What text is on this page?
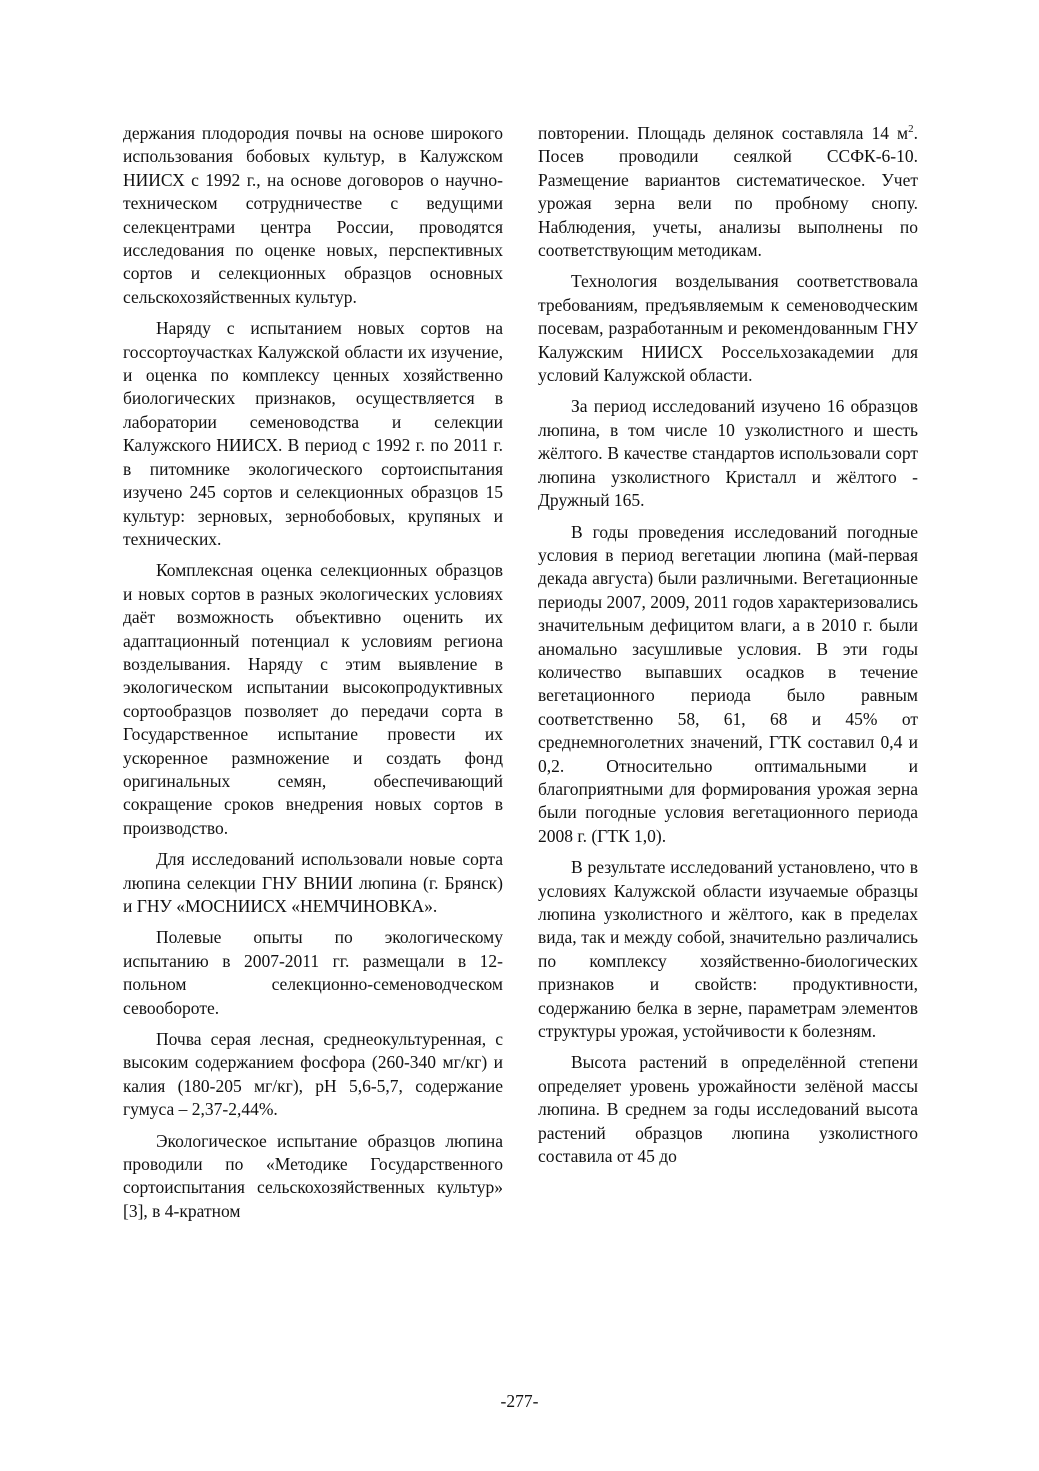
держания плодородия почвы на основе широкого использования бобовых культур, в Калужском НИИСХ с 1992 г., на основе договоров о научно-техническом сотрудничестве с ведущими селекцентрами центра России, проводятся исследования по оценке новых, перспективных сортов и селекционных образцов основных сельскохозяйственных культур.

Наряду с испытанием новых сортов на госсортоучастках Калужской области их изучение, и оценка по комплексу ценных хозяйственно биологических признаков, осуществляется в лаборатории семеноводства и селекции Калужского НИИСХ. В период с 1992 г. по 2011 г. в питомнике экологического сортоиспытания изучено 245 сортов и селекционных образцов 15 культур: зерновых, зернобобовых, крупяных и технических.

Комплексная оценка селекционных образцов и новых сортов в разных экологических условиях даёт возможность объективно оценить их адаптационный потенциал к условиям региона возделывания. Наряду с этим выявление в экологическом испытании высокопродуктивных сортообразцов позволяет до передачи сорта в Государственное испытание провести их ускоренное размножение и создать фонд оригинальных семян, обеспечивающий сокращение сроков внедрения новых сортов в производство.

Для исследований использовали новые сорта люпина селекции ГНУ ВНИИ люпина (г. Брянск) и ГНУ «МОСНИИСХ «НЕМЧИНОВКА».

Полевые опыты по экологическому испытанию в 2007-2011 гг. размещали в 12-польном селекционно-семеноводческом севообороте.

Почва серая лесная, среднеокультуренная, с высоким содержанием фосфора (260-340 мг/кг) и калия (180-205 мг/кг), рН 5,6-5,7, содержание гумуса – 2,37-2,44%.

Экологическое испытание образцов люпина проводили по «Методике Государственного сортоиспытания сельскохозяйственных культур» [3], в 4-кратном

повторении. Площадь делянок составляла 14 $м^2$. Посев проводили сеялкой ССФК-6-10. Размещение вариантов систематическое. Учет урожая зерна вели по пробному снопу. Наблюдения, учеты, анализы выполнены по соответствующим методикам.

Технология возделывания соответствовала требованиям, предъявляемым к семеноводческим посевам, разработанным и рекомендованным ГНУ Калужским НИИСХ Россельхозакадемии для условий Калужской области.

За период исследований изучено 16 образцов люпина, в том числе 10 узколистного и шесть жёлтого. В качестве стандартов использовали сорт люпина узколистного Кристалл и жёлтого - Дружный 165.

В годы проведения исследований погодные условия в период вегетации люпина (май-первая декада августа) были различными. Вегетационные периоды 2007, 2009, 2011 годов характеризовались значительным дефицитом влаги, а в 2010 г. были аномально засушливые условия. В эти годы количество выпавших осадков в течение вегетационного периода было равным соответственно 58, 61, 68 и 45% от среднемноголетних значений, ГТК составил 0,4 и 0,2. Относительно оптимальными и благоприятными для формирования урожая зерна были погодные условия вегетационного периода 2008 г. (ГТК 1,0).

В результате исследований установлено, что в условиях Калужской области изучаемые образцы люпина узколистного и жёлтого, как в пределах вида, так и между собой, значительно различались по комплексу хозяйственно-биологических признаков и свойств: продуктивности, содержанию белка в зерне, параметрам элементов структуры урожая, устойчивости к болезням.

Высота растений в определённой степени определяет уровень урожайности зелёной массы люпина. В среднем за годы исследований высота растений образцов люпина узколистного составила от 45 до

-277-
